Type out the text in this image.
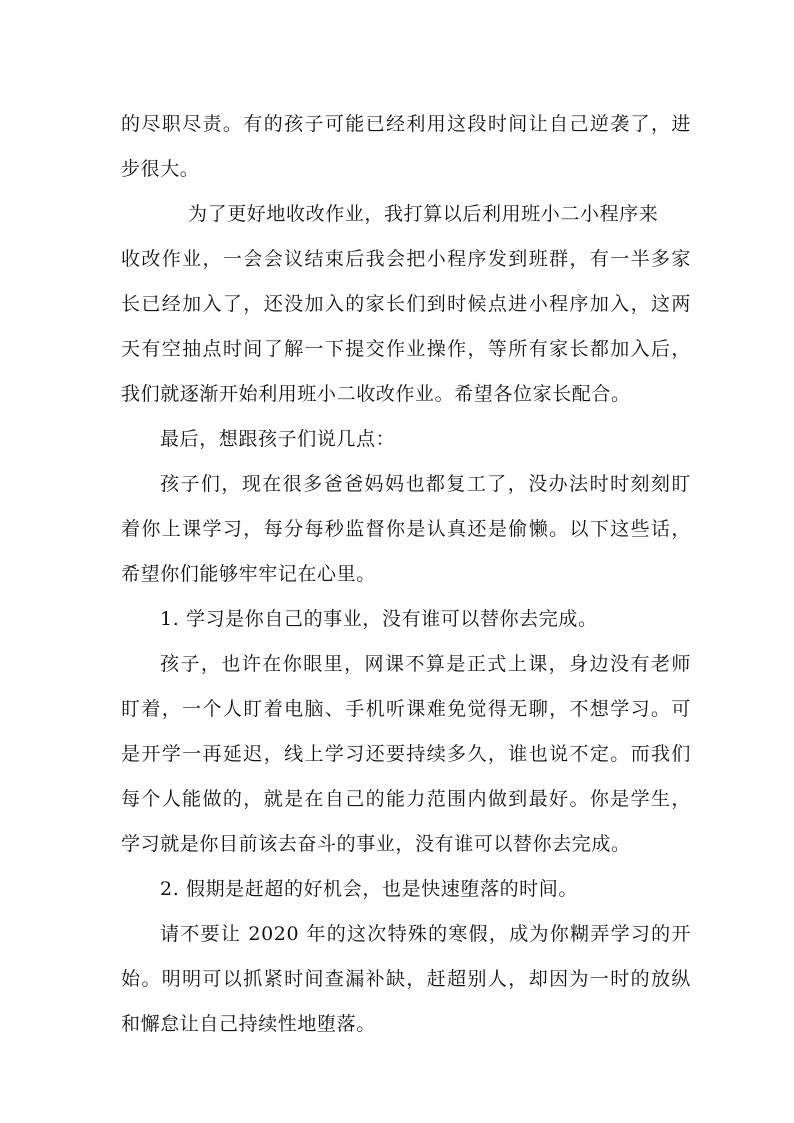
的尽职尽责。有的孩子可能已经利用这段时间让自己逆袭了，进
步很大。
为了更好地收改作业，我打算以后利用班小二小程序来
收改作业，一会会议结束后我会把小程序发到班群，有一半多家
长已经加入了，还没加入的家长们到时候点进小程序加入，这两
天有空抽点时间了解一下提交作业操作，等所有家长都加入后，
我们就逐渐开始利用班小二收改作业。希望各位家长配合。
最后，想跟孩子们说几点：
孩子们，现在很多爸爸妈妈也都复工了，没办法时时刻刻盯
着你上课学习，每分每秒监督你是认真还是偷懒。以下这些话，
希望你们能够牢牢记在心里。
1. 学习是你自己的事业，没有谁可以替你去完成。
孩子，也许在你眼里，网课不算是正式上课，身边没有老师
盯着，一个人盯着电脑、手机听课难免觉得无聊，不想学习。可
是开学一再延迟，线上学习还要持续多久，谁也说不定。而我们
每个人能做的，就是在自己的能力范围内做到最好。你是学生，
学习就是你目前该去奋斗的事业，没有谁可以替你去完成。
2. 假期是赶超的好机会，也是快速堕落的时间。
请不要让 2020 年的这次特殊的寒假，成为你糊弄学习的开
始。明明可以抓紧时间查漏补缺，赶超别人，却因为一时的放纵
和懈怠让自己持续性地堕落。
